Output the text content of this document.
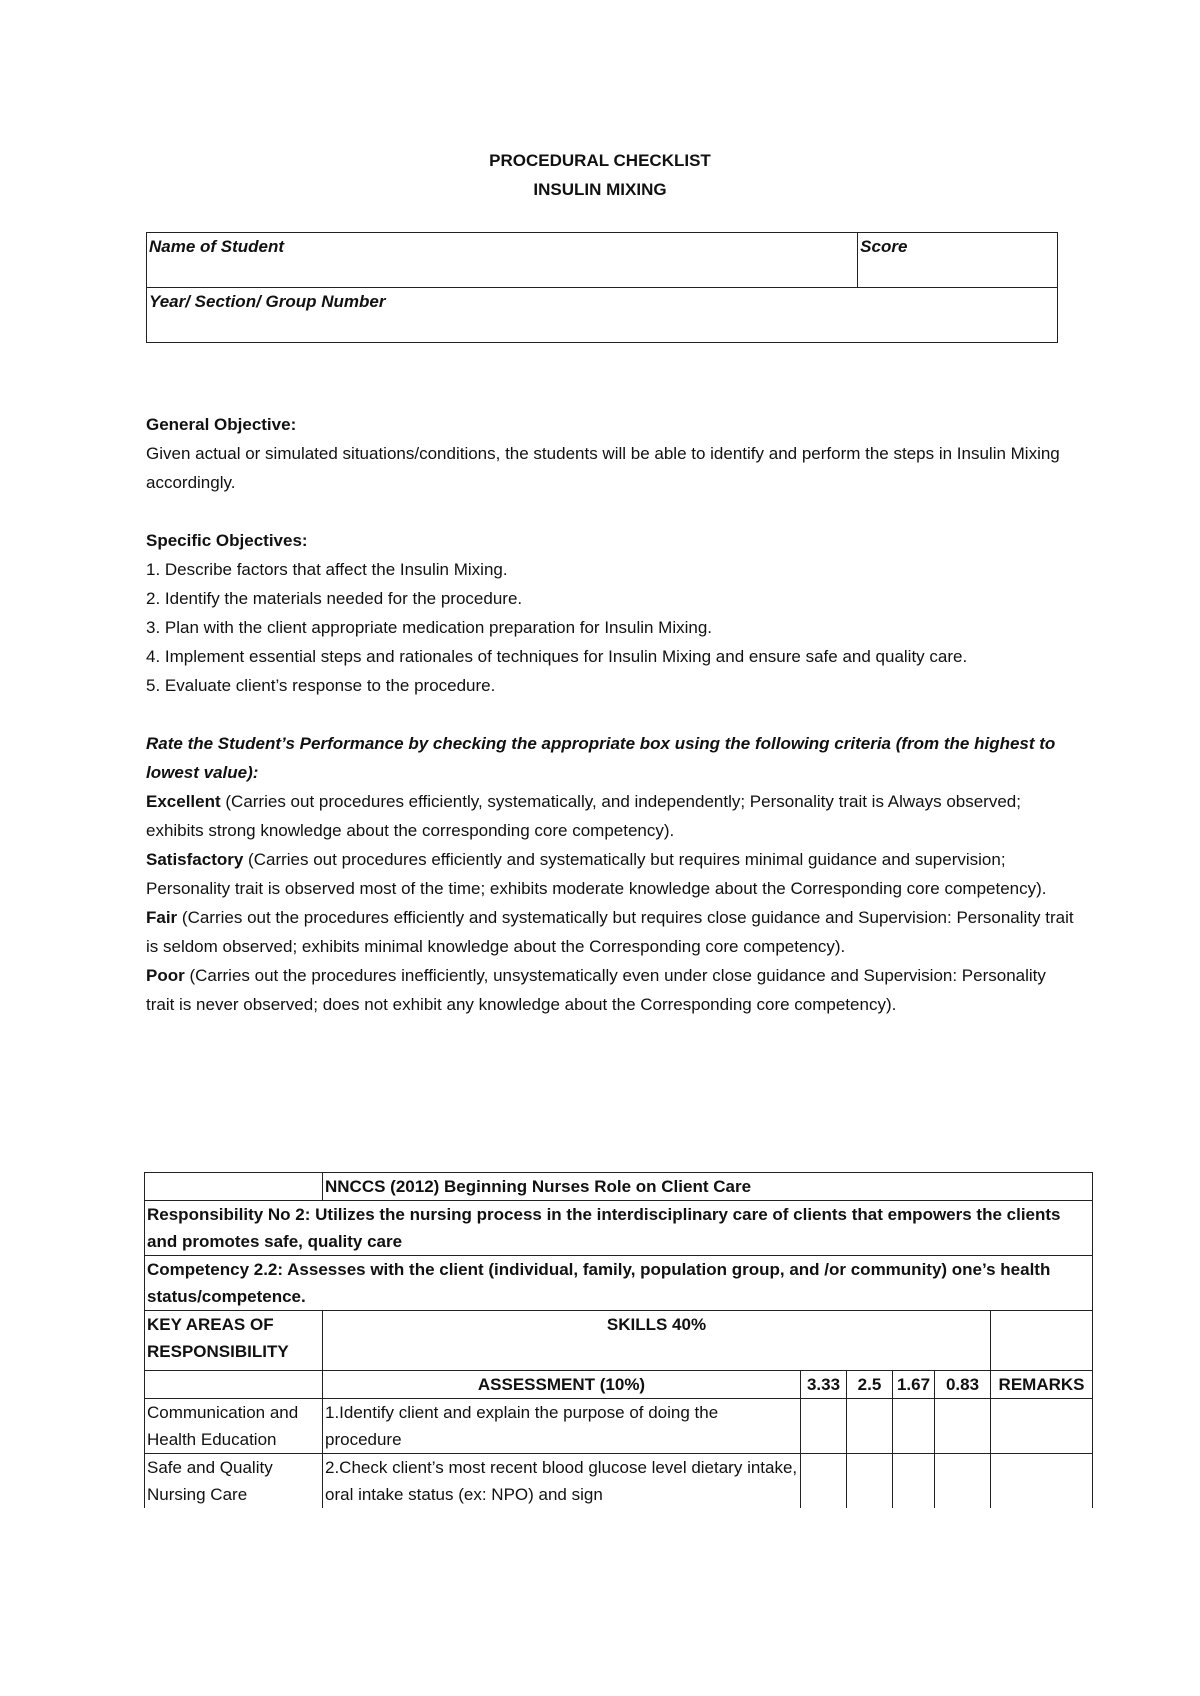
PROCEDURAL CHECKLIST
INSULIN MIXING
Name of Student	Score
Year/ Section/ Group Number

General Objective:

Given actual or simulated situations/conditions, the students will be able to identify and perform the steps in Insulin Mixing accordingly.

Specific Objectives:

1. Describe factors that affect the Insulin Mixing.

2. Identify the materials needed for the procedure.

3. Plan with the client appropriate medication preparation for Insulin Mixing.

4. Implement essential steps and rationales of techniques for Insulin Mixing and ensure safe and quality care.

5. Evaluate client’s response to the procedure.

Rate the Student’s Performance by checking the appropriate box using the following criteria (from the highest to lowest value):

Excellent (Carries out procedures efficiently, systematically, and independently; Personality trait is Always observed; exhibits strong knowledge about the corresponding core competency).

Satisfactory (Carries out procedures efficiently and systematically but requires minimal guidance and supervision; Personality trait is observed most of the time; exhibits moderate knowledge about the Corresponding core competency).

Fair (Carries out the procedures efficiently and systematically but requires close guidance and Supervision: Personality trait is seldom observed; exhibits minimal knowledge about the Corresponding core competency).

Poor (Carries out the procedures inefficiently, unsystematically even under close guidance and Supervision: Personality trait is never observed; does not exhibit any knowledge about the Corresponding core competency).

	NNCCS (2012) Beginning Nurses Role on Client Care					
Responsibility No 2: Utilizes the nursing process in the interdisciplinary care of clients that empowers the clients and promotes safe, quality care						
Competency 2.2: Assesses with the client (individual, family, population group, and /or community) one’s health status/competence.						
KEY AREAS OF RESPONSIBILITY	SKILLS 40%					
	ASSESSMENT (10%)	3.33	2.5	1.67	0.83	REMARKS
Communication and Health Education	1.Identify client and explain the purpose of doing the procedure					
Safe and Quality Nursing Care	2.Check client’s most recent blood glucose level dietary intake, oral intake status (ex: NPO) and sign					
